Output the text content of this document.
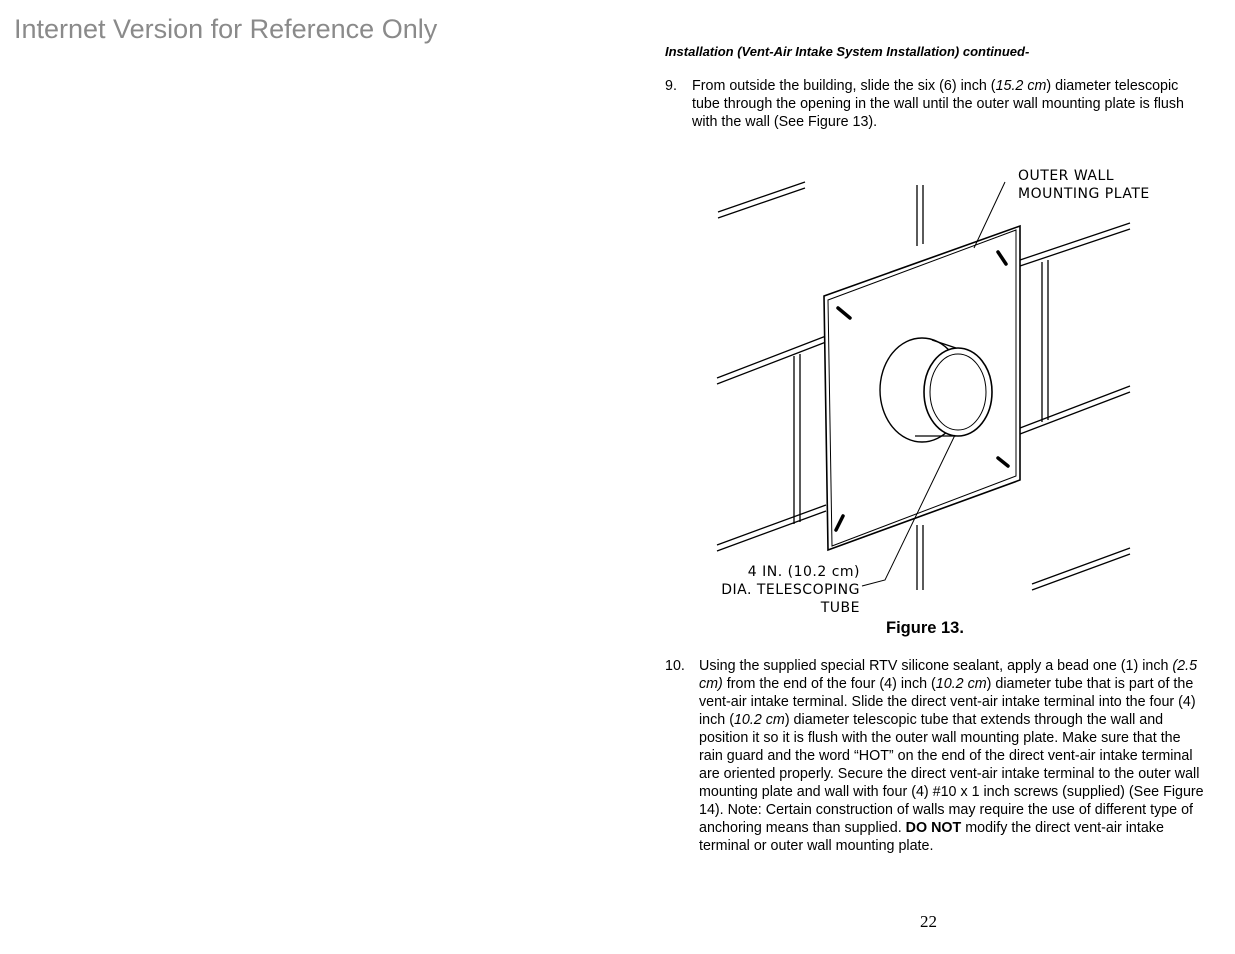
Internet Version for Reference Only
Installation (Vent-Air Intake System Installation) continued-
9. From outside the building, slide the six (6) inch (15.2 cm) diameter telescopic tube through the opening in the wall until the outer wall mounting plate is flush with the wall (See Figure 13).
OUTER WALL
MOUNTING PLATE
4 IN. (10.2 cm)
DIA. TELESCOPING
TUBE
Figure 13.
10. Using the supplied special RTV silicone sealant, apply a bead one (1) inch (2.5 cm) from the end of the four (4) inch (10.2 cm) diameter tube that is part of the vent-air intake terminal. Slide the direct vent-air intake terminal into the four (4) inch (10.2 cm) diameter telescopic tube that extends through the wall and position it so it is flush with the outer wall mounting plate. Make sure that the rain guard and the word “HOT” on the end of the direct vent-air intake terminal are oriented properly. Secure the direct vent-air intake terminal to the outer wall mounting plate and wall with four (4) #10 x 1 inch screws (supplied) (See Figure 14). Note: Certain construction of walls may require the use of different type of anchoring means than supplied. DO NOT modify the direct vent-air intake terminal or outer wall mounting plate.
22
